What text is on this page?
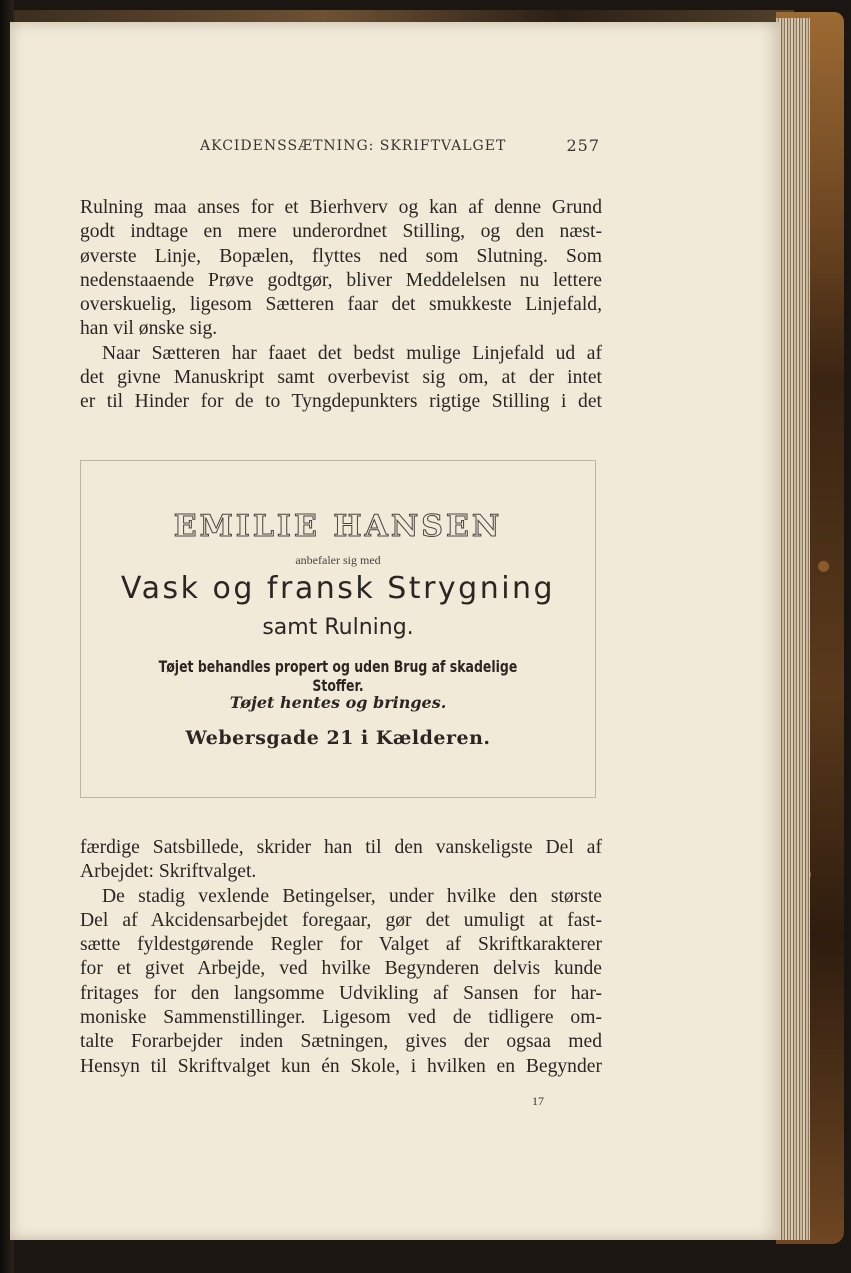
AKCIDENSSÆTNING: SKRIFTVALGET	257

Rulning maa anses for et Bierhverv og kan af denne Grund
godt indtage en mere underordnet Stilling, og den næst-
øverste Linje, Bopælen, flyttes ned som Slutning. Som
nedenstaaende Prøve godtgør, bliver Meddelelsen nu lettere
overskuelig, ligesom Sætteren faar det smukkeste Linjefald,
han vil ønske sig.

Naar Sætteren har faaet det bedst mulige Linjefald ud af
det givne Manuskript samt overbevist sig om, at der intet
er til Hinder for de to Tyngdepunkters rigtige Stilling i det

EMILIE HANSEN
anbefaler sig med
Vask og fransk Strygning
samt Rulning.
Tøjet behandles propert og uden Brug af skadelige Stoffer.
Tøjet hentes og bringes.
Webersgade 21 i Kælderen.

færdige Satsbillede, skrider han til den vanskeligste Del af
Arbejdet: Skriftvalget.

De stadig vexlende Betingelser, under hvilke den største
Del af Akcidensarbejdet foregaar, gør det umuligt at fast-
sætte fyldestgørende Regler for Valget af Skriftkarakterer
for et givet Arbejde, ved hvilke Begynderen delvis kunde
fritages for den langsomme Udvikling af Sansen for har-
moniske Sammenstillinger. Ligesom ved de tidligere om-
talte Forarbejder inden Sætningen, gives der ogsaa med
Hensyn til Skriftvalget kun én Skole, i hvilken en Begynder

17
